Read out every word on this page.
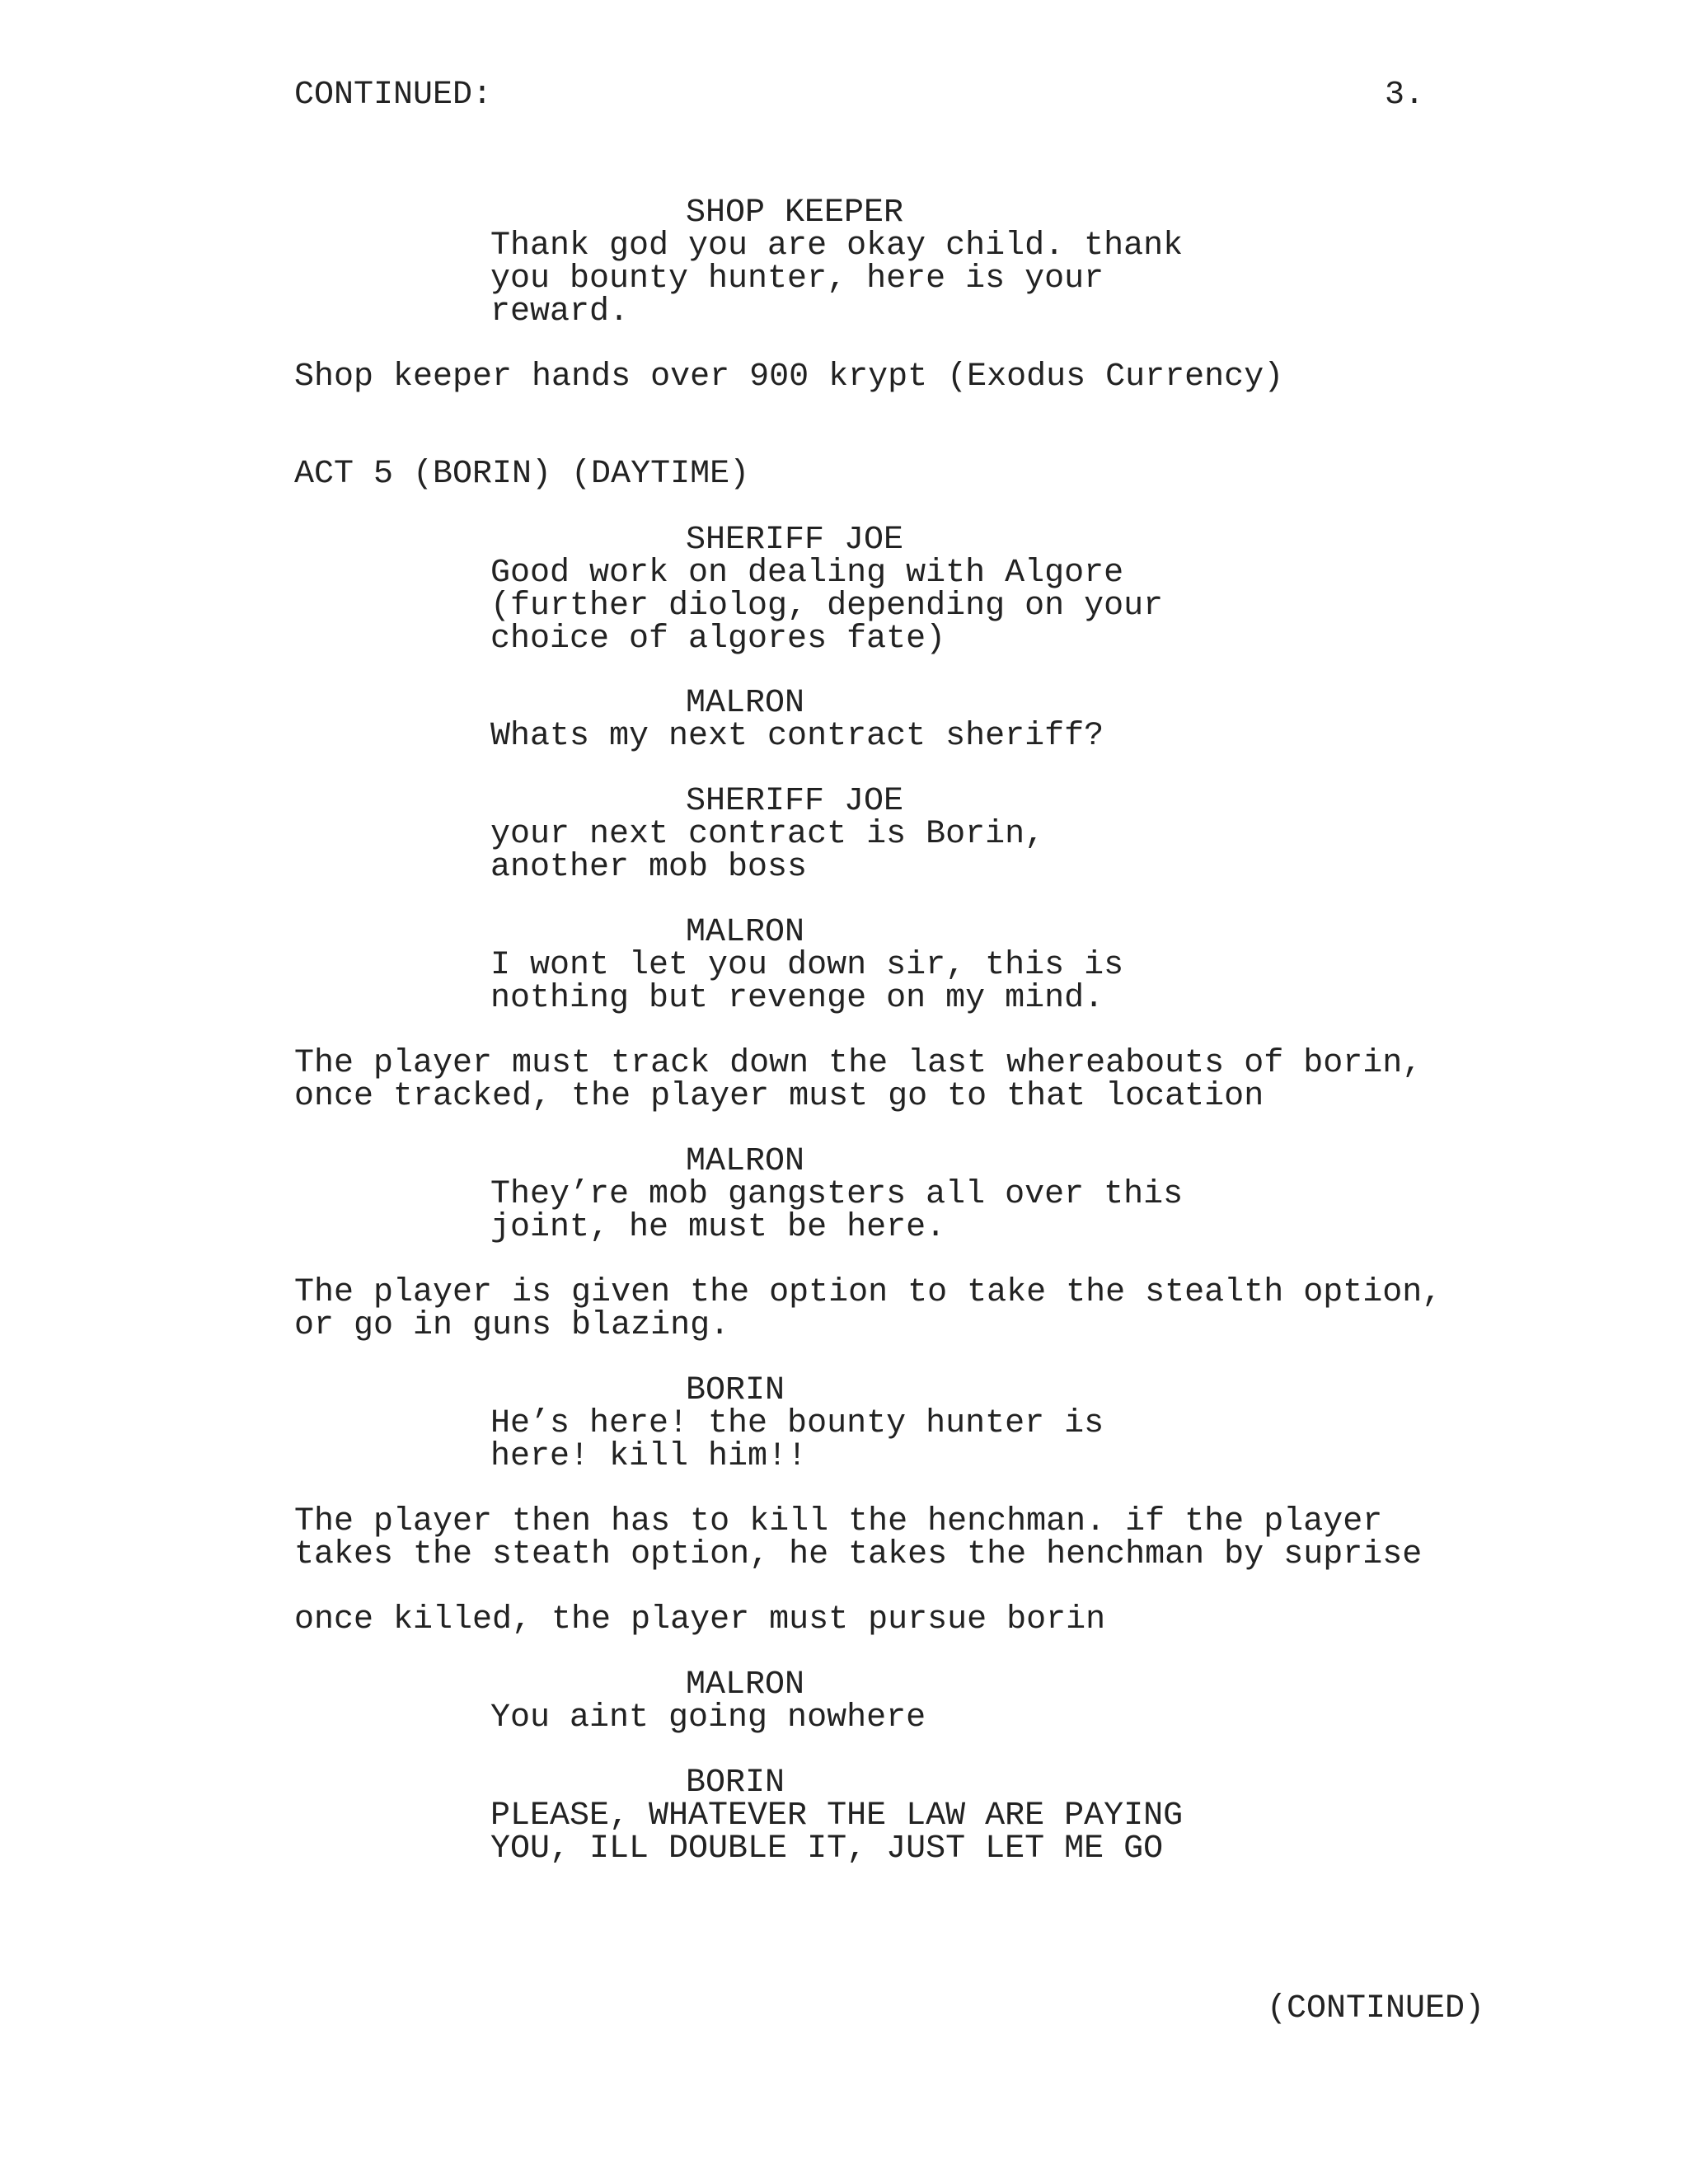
CONTINUED:	3.
SHOP KEEPER
Thank god you are okay child. thank
you bounty hunter, here is your
reward.
Shop keeper hands over 900 krypt (Exodus Currency)
ACT 5 (BORIN) (DAYTIME)
SHERIFF JOE
Good work on dealing with Algore
(further diolog, depending on your
choice of algores fate)
MALRON
Whats my next contract sheriff?
SHERIFF JOE
your next contract is Borin,
another mob boss
MALRON
I wont let you down sir, this is
nothing but revenge on my mind.
The player must track down the last whereabouts of borin,
once tracked, the player must go to that location
MALRON
They’re mob gangsters all over this
joint, he must be here.
The player is given the option to take the stealth option,
or go in guns blazing.
BORIN
He’s here! the bounty hunter is
here! kill him!!
The player then has to kill the henchman. if the player
takes the steath option, he takes the henchman by suprise
once killed, the player must pursue borin
MALRON
You aint going nowhere
BORIN
PLEASE, WHATEVER THE LAW ARE PAYING
YOU, ILL DOUBLE IT, JUST LET ME GO
(CONTINUED)
